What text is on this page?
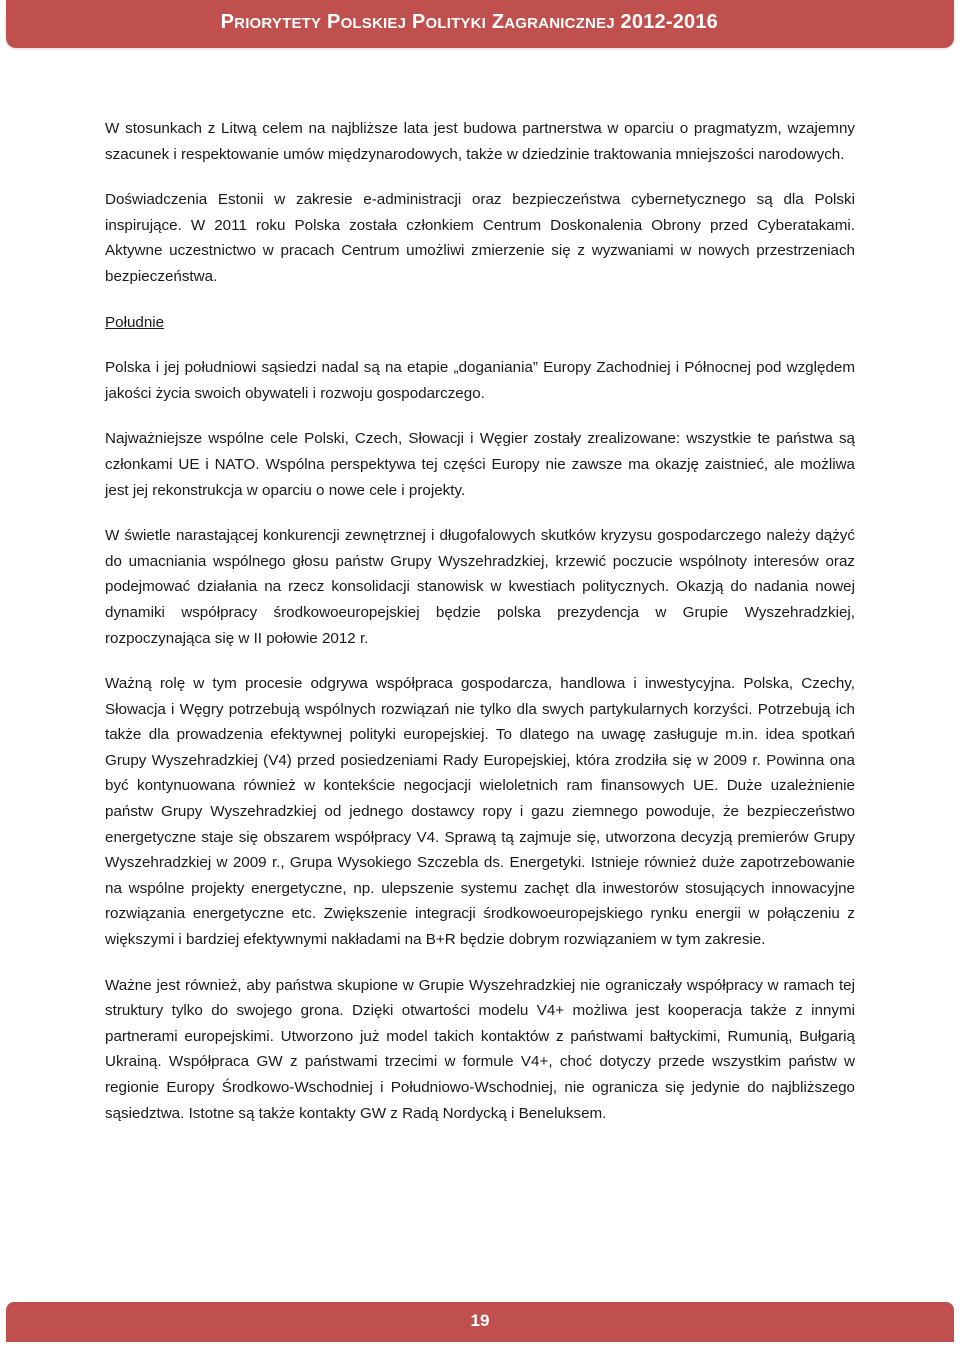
PRIORYTETY POLSKIEJ POLITYKI ZAGRANICZNEJ 2012-2016

W stosunkach z Litwą celem na najbliższe lata jest budowa partnerstwa w oparciu o pragmatyzm, wzajemny szacunek i respektowanie umów międzynarodowych, także w dziedzinie traktowania mniejszości narodowych.

Doświadczenia Estonii w zakresie e-administracji oraz bezpieczeństwa cybernetycznego są dla Polski inspirujące. W 2011 roku Polska została członkiem Centrum Doskonalenia Obrony przed Cyberatakami. Aktywne uczestnictwo w pracach Centrum umożliwi zmierzenie się z wyzwaniami w nowych przestrzeniach bezpieczeństwa.

Południe

Polska i jej południowi sąsiedzi nadal są na etapie „doganiania” Europy Zachodniej i Północnej pod względem jakości życia swoich obywateli i rozwoju gospodarczego.

Najważniejsze wspólne cele Polski, Czech, Słowacji i Węgier zostały zrealizowane: wszystkie te państwa są członkami UE i NATO. Wspólna perspektywa tej części Europy nie zawsze ma okazję zaistnieć, ale możliwa jest jej rekonstrukcja w oparciu o nowe cele i projekty.

W świetle narastającej konkurencji zewnętrznej i długofalowych skutków kryzysu gospodarczego należy dążyć do umacniania wspólnego głosu państw Grupy Wyszehradzkiej, krzewić poczucie wspólnoty interesów oraz podejmować działania na rzecz konsolidacji stanowisk w kwestiach politycznych. Okazją do nadania nowej dynamiki współpracy środkowoeuropejskiej będzie polska prezydencja w Grupie Wyszehradzkiej, rozpoczynająca się w II połowie 2012 r.

Ważną rolę w tym procesie odgrywa współpraca gospodarcza, handlowa i inwestycyjna. Polska, Czechy, Słowacja i Węgry potrzebują wspólnych rozwiązań nie tylko dla swych partykularnych korzyści. Potrzebują ich także dla prowadzenia efektywnej polityki europejskiej. To dlatego na uwagę zasługuje m.in. idea spotkań Grupy Wyszehradzkiej (V4) przed posiedzeniami Rady Europejskiej, która zrodziła się w 2009 r. Powinna ona być kontynuowana również w kontekście negocjacji wieloletnich ram finansowych UE. Duże uzależnienie państw Grupy Wyszehradzkiej od jednego dostawcy ropy i gazu ziemnego powoduje, że bezpieczeństwo energetyczne staje się obszarem współpracy V4. Sprawą tą zajmuje się, utworzona decyzją premierów Grupy Wyszehradzkiej w 2009 r., Grupa Wysokiego Szczebla ds. Energetyki. Istnieje również duże zapotrzebowanie na wspólne projekty energetyczne, np. ulepszenie systemu zachęt dla inwestorów stosujących innowacyjne rozwiązania energetyczne etc. Zwiększenie integracji środkowoeuropejskiego rynku energii w połączeniu z większymi i bardziej efektywnymi nakładami na B+R będzie dobrym rozwiązaniem w tym zakresie.

Ważne jest również, aby państwa skupione w Grupie Wyszehradzkiej nie ograniczały współpracy w ramach tej struktury tylko do swojego grona. Dzięki otwartości modelu V4+ możliwa jest kooperacja także z innymi partnerami europejskimi. Utworzono już model takich kontaktów z państwami bałtyckimi, Rumunią, Bułgarią Ukrainą. Współpraca GW z państwami trzecimi w formule V4+, choć dotyczy przede wszystkim państw w regionie Europy Środkowo-Wschodniej i Południowo-Wschodniej, nie ogranicza się jedynie do najbliższego sąsiedztwa. Istotne są także kontakty GW z Radą Nordycką i Beneluksem.

19
